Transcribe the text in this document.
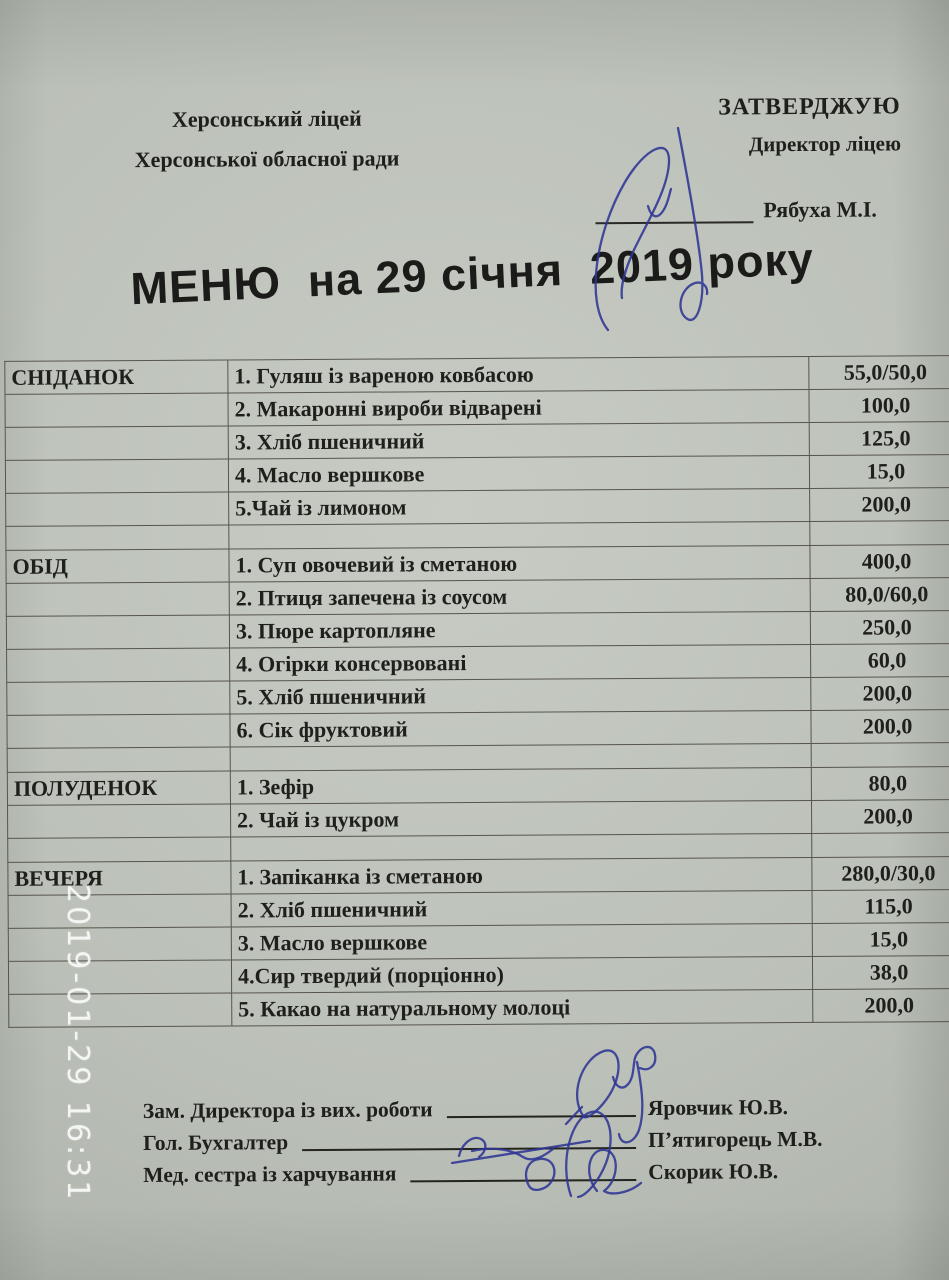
Херсонський ліцей
Херсонської обласної ради
ЗАТВЕРДЖУЮ
Директор ліцею
Рябуха М.І.
МЕНЮ  на 29 січня  2019 року
СНІДАНОК	1. Гуляш із вареною ковбасою	55,0/50,0
	2. Макаронні вироби відварені	100,0
	3. Хліб пшеничний	125,0
	4. Масло вершкове	15,0
	5.Чай із лимоном	200,0

ОБІД	1. Суп овочевий із сметаною	400,0
	2. Птиця запечена із соусом	80,0/60,0
	3. Пюре картопляне	250,0
	4. Огірки консервовані	60,0
	5. Хліб пшеничний	200,0
	6. Сік фруктовий	200,0

ПОЛУДЕНОК	1. Зефір	80,0
	2. Чай із цукром	200,0

ВЕЧЕРЯ	1. Запіканка із сметаною	280,0/30,0
	2. Хліб пшеничний	115,0
	3. Масло вершкове	15,0
	4.Сир твердий (порціонно)	38,0
	5. Какао на натуральному молоці	200,0
Зам. Директора із вих. роботи	Яровчик Ю.В.
Гол. Бухгалтер	П’ятигорець М.В.
Мед. сестра із харчування	Скорик Ю.В.
2019-01-29 16:31
